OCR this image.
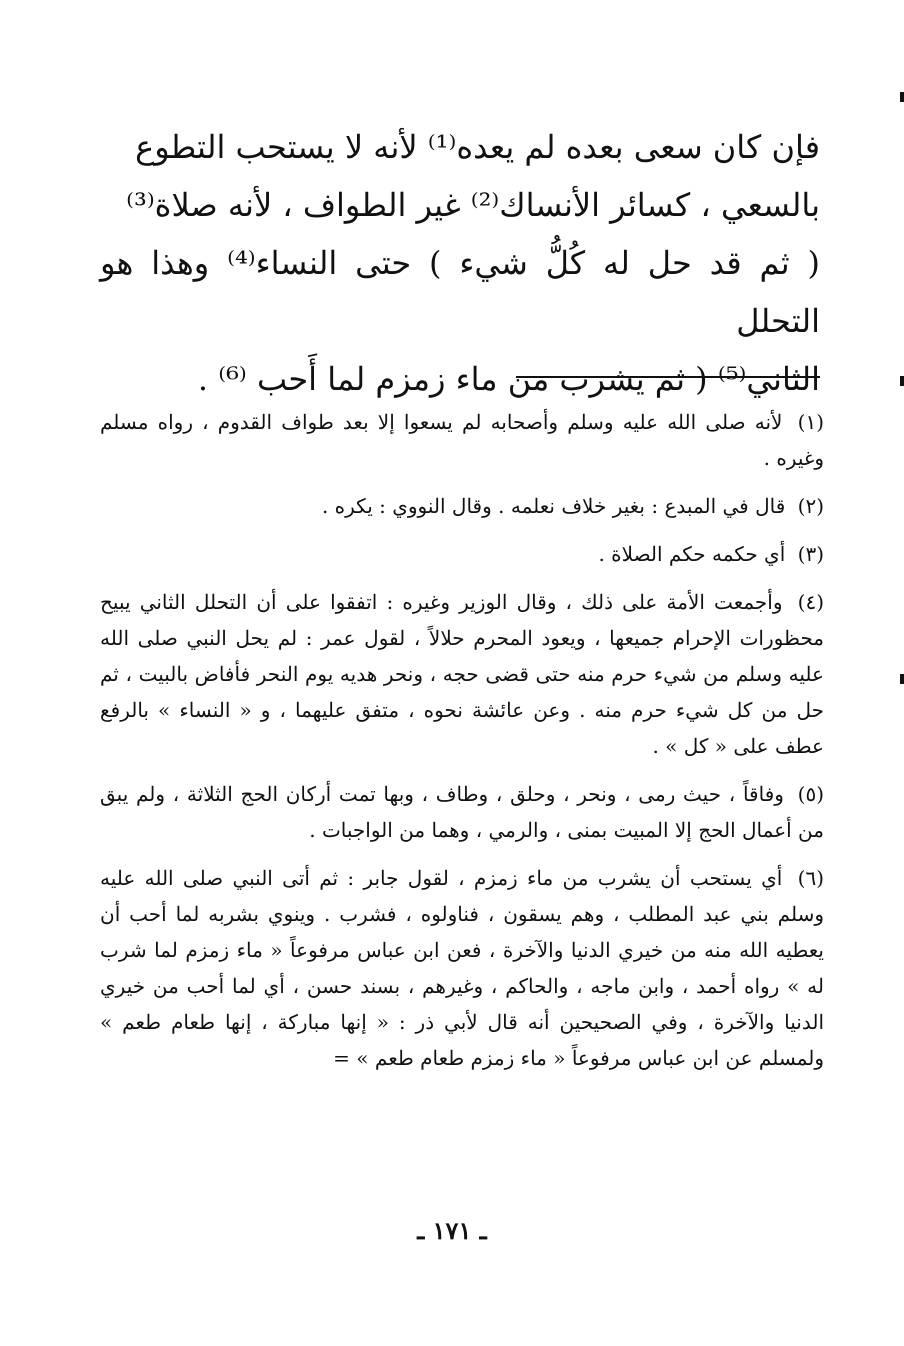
فإن كان سعى بعده لم يعده⁽¹⁾ لأنه لا يستحب التطوع

بالسعي ، كسائر الأنساك⁽²⁾ غير الطواف ، لأنه صلاة⁽³⁾

( ثم قد حل له كُلُّ شيء ) حتى النساء⁽⁴⁾ وهذا هو التحلل

الثاني⁽⁵⁾ ( ثم يشرب من ماء زمزم لما أَحب ⁽⁶⁾ .

(١) لأنه صلى الله عليه وسلم وأصحابه لم يسعوا إلا بعد طواف القدوم ، رواه مسلم وغيره .

(٢) قال في المبدع : بغير خلاف نعلمه . وقال النووي : يكره .

(٣) أي حكمه حكم الصلاة .

(٤) وأجمعت الأمة على ذلك ، وقال الوزير وغيره : اتفقوا على أن التحلل الثاني يبيح محظورات الإحرام جميعها ، ويعود المحرم حلالاً ، لقول عمر : لم يحل النبي صلى الله عليه وسلم من شيء حرم منه حتى قضى حجه ، ونحر هديه يوم النحر فأفاض بالبيت ، ثم حل من كل شيء حرم منه . وعن عائشة نحوه ، متفق عليهما ، و « النساء » بالرفع عطف على « كل » .

(٥) وفاقاً ، حيث رمى ، ونحر ، وحلق ، وطاف ، وبها تمت أركان الحج الثلاثة ، ولم يبق من أعمال الحج إلا المبيت بمنى ، والرمي ، وهما من الواجبات .

(٦) أي يستحب أن يشرب من ماء زمزم ، لقول جابر : ثم أتى النبي صلى الله عليه وسلم بني عبد المطلب ، وهم يسقون ، فناولوه ، فشرب . وينوي بشربه لما أحب أن يعطيه الله منه من خيري الدنيا والآخرة ، فعن ابن عباس مرفوعاً « ماء زمزم لما شرب له » رواه أحمد ، وابن ماجه ، والحاكم ، وغيرهم ، بسند حسن ، أي لما أحب من خيري الدنيا والآخرة ، وفي الصحيحين أنه قال لأبي ذر : « إنها مباركة ، إنها طعام طعم » ولمسلم عن ابن عباس مرفوعاً « ماء زمزم طعام طعم » =

ـ ١٧١ ـ
